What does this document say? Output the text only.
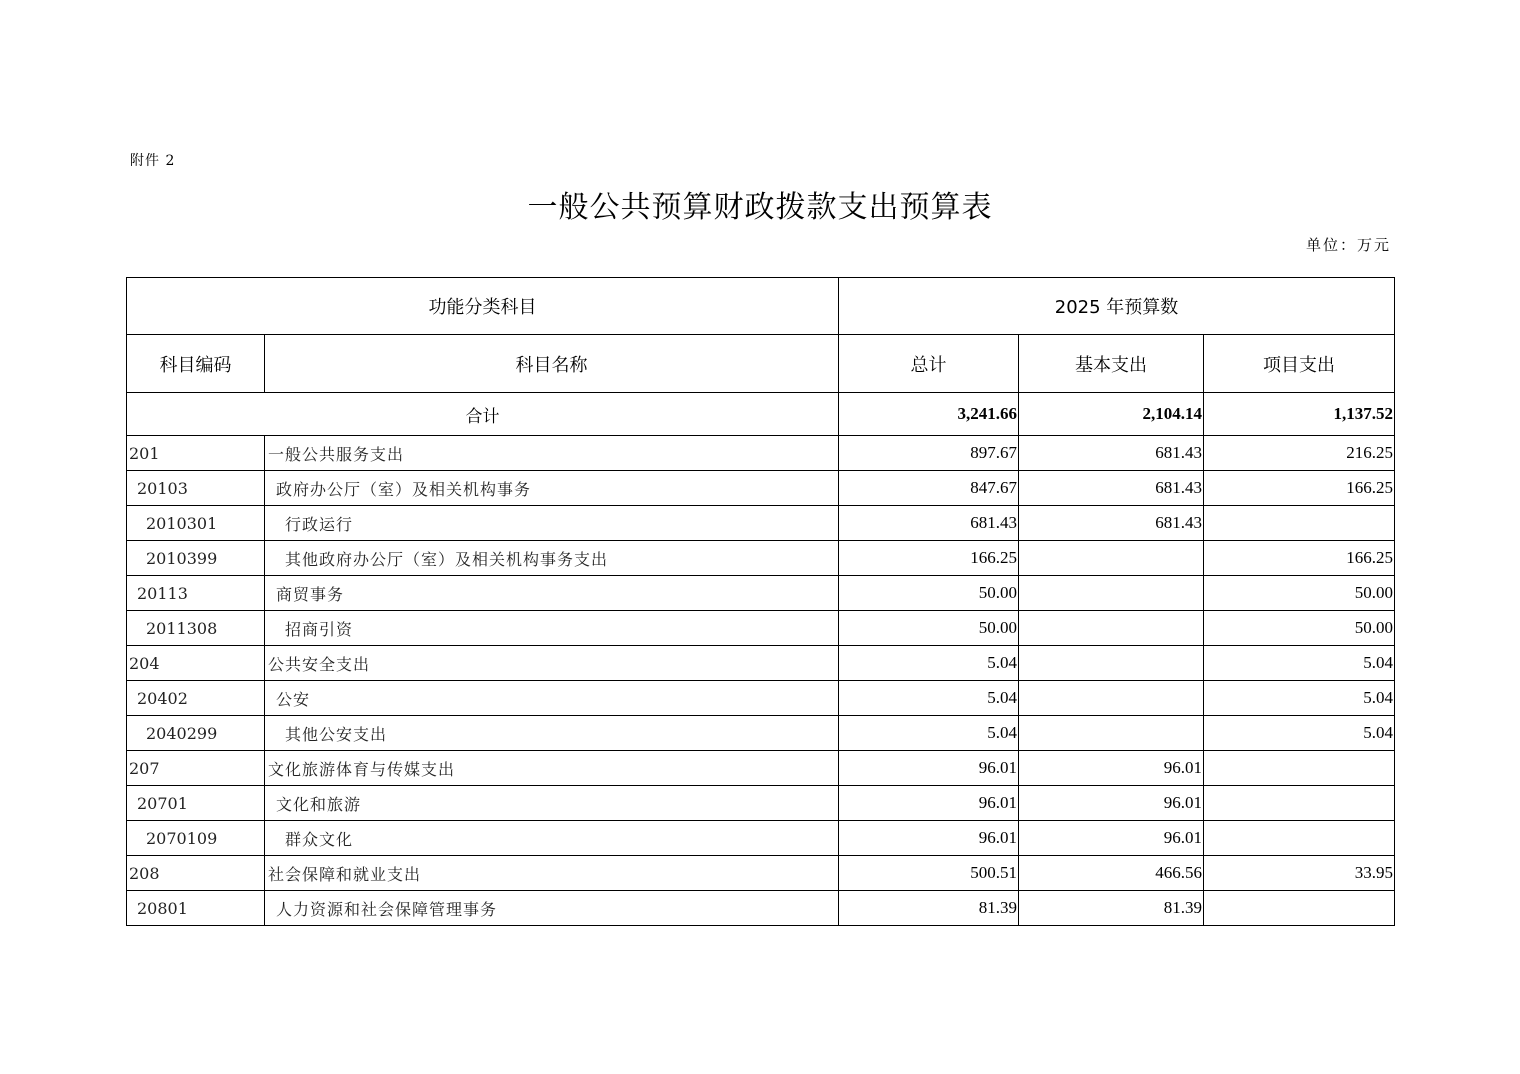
附件 2
一般公共预算财政拨款支出预算表
单位：万元
功能分类科目		2025 年预算数		
科目编码	科目名称	总计	基本支出	项目支出
合计		3,241.66	2,104.14	1,137.52
201	一般公共服务支出	897.67	681.43	216.25
20103	政府办公厅（室）及相关机构事务	847.67	681.43	166.25
2010301	行政运行	681.43	681.43	
2010399	其他政府办公厅（室）及相关机构事务支出	166.25		166.25
20113	商贸事务	50.00		50.00
2011308	招商引资	50.00		50.00
204	公共安全支出	5.04		5.04
20402	公安	5.04		5.04
2040299	其他公安支出	5.04		5.04
207	文化旅游体育与传媒支出	96.01	96.01	
20701	文化和旅游	96.01	96.01	
2070109	群众文化	96.01	96.01	
208	社会保障和就业支出	500.51	466.56	33.95
20801	人力资源和社会保障管理事务	81.39	81.39	
